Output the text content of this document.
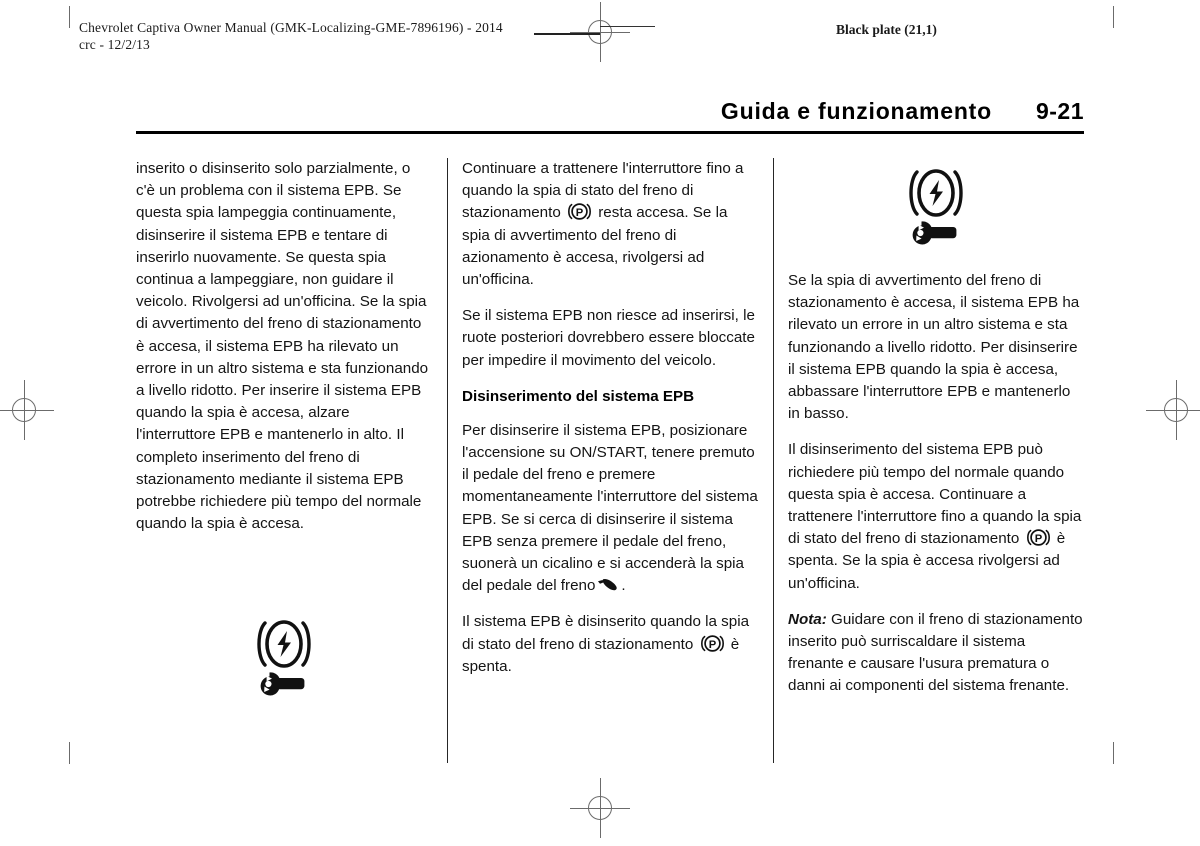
Chevrolet Captiva Owner Manual (GMK-Localizing-GME-7896196) - 2014
crc - 12/2/13
Black plate (21,1)
Guida e funzionamento 9-21

inserito o disinserito solo parzialmente, o c'è un problema con il sistema EPB. Se questa spia lampeggia continuamente, disinserire il sistema EPB e tentare di inserirlo nuovamente. Se questa spia continua a lampeggiare, non guidare il veicolo. Rivolgersi ad un'officina. Se la spia di avvertimento del freno di stazionamento è accesa, il sistema EPB ha rilevato un errore in un altro sistema e sta funzionando a livello ridotto. Per inserire il sistema EPB quando la spia è accesa, alzare l'interruttore EPB e mantenerlo in alto. Il completo inserimento del freno di stazionamento mediante il sistema EPB potrebbe richiedere più tempo del normale quando la spia è accesa.

Continuare a trattenere l'interruttore fino a quando la spia di stato del freno di stazionamento P resta accesa. Se la spia di avvertimento del freno di azionamento è accesa, rivolgersi ad un'officina.

Se il sistema EPB non riesce ad inserirsi, le ruote posteriori dovrebbero essere bloccate per impedire il movimento del veicolo.

Disinserimento del sistema EPB

Per disinserire il sistema EPB, posizionare l'accensione su ON/START, tenere premuto il pedale del freno e premere momentaneamente l'interruttore del sistema EPB. Se si cerca di disinserire il sistema EPB senza premere il pedale del freno, suonerà un cicalino e si accenderà la spia del pedale del freno .

Il sistema EPB è disinserito quando la spia di stato del freno di stazionamento P è spenta.

Se la spia di avvertimento del freno di stazionamento è accesa, il sistema EPB ha rilevato un errore in un altro sistema e sta funzionando a livello ridotto. Per disinserire il sistema EPB quando la spia è accesa, abbassare l'interruttore EPB e mantenerlo in basso.

Il disinserimento del sistema EPB può richiedere più tempo del normale quando questa spia è accesa. Continuare a trattenere l'interruttore fino a quando la spia di stato del freno di stazionamento P è spenta. Se la spia è accesa rivolgersi ad un'officina.

Nota: Guidare con il freno di stazionamento inserito può surriscaldare il sistema frenante e causare l'usura prematura o danni ai componenti del sistema frenante.
